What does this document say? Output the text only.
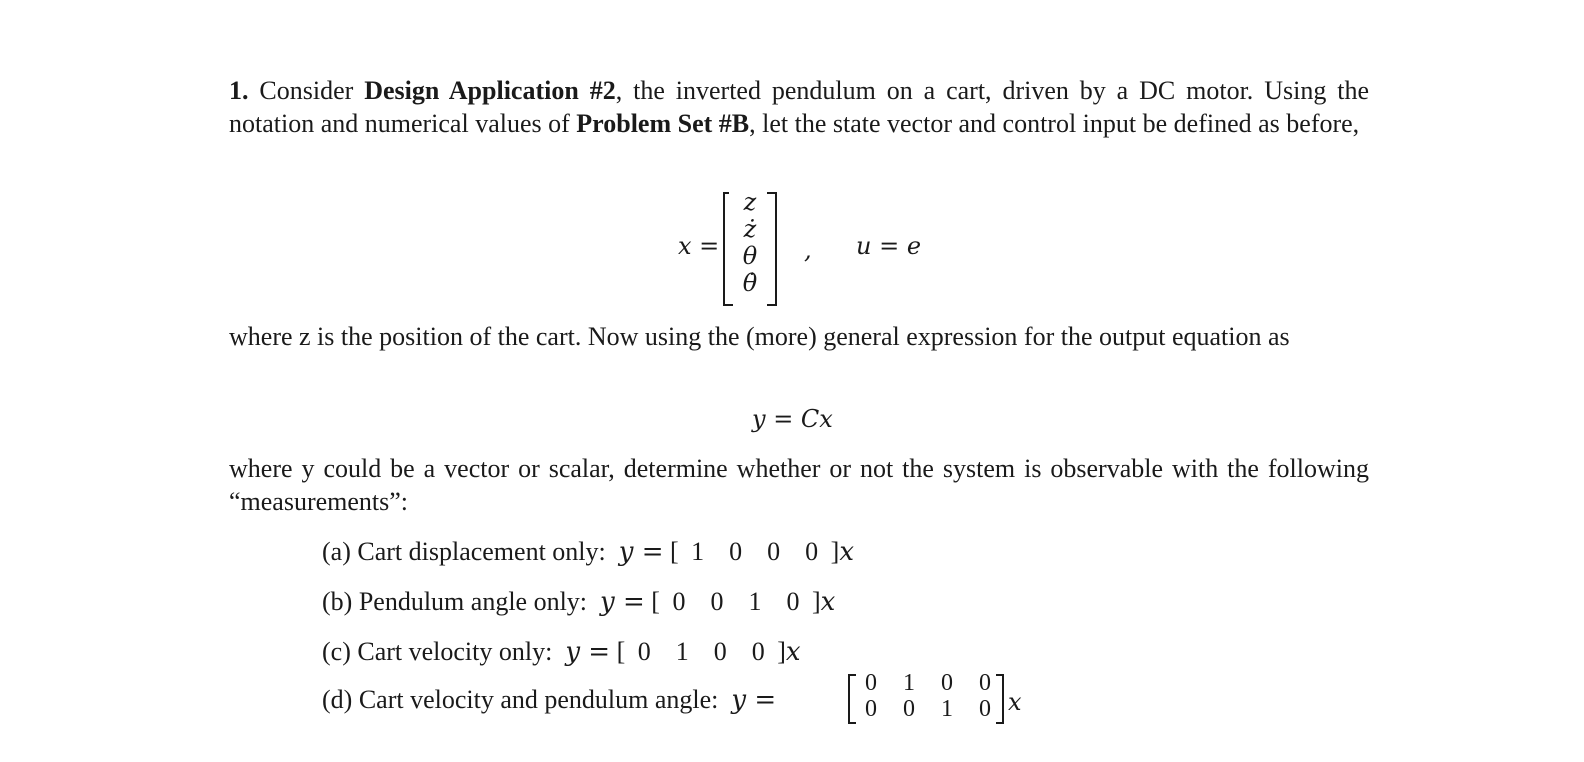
1. Consider Design Application #2, the inverted pendulum on a cart, driven by a DC motor. Using the notation and numerical values of Problem Set #B, let the state vector and control input be defined as before,
x =
z
ż
θ
θ̇
, u = e
where z is the position of the cart. Now using the (more) general expression for the output equation as
y = Cx
where y could be a vector or scalar, determine whether or not the system is observable with the following “measurements”:
(a) Cart displacement only: y = [ 1 0 0 0 ]x
(b) Pendulum angle only: y = [ 0 0 1 0 ]x
(c) Cart velocity only: y = [ 0 1 0 0 ]x
(d) Cart velocity and pendulum angle: y =
0 1 0 0
0 0 1 0 x
